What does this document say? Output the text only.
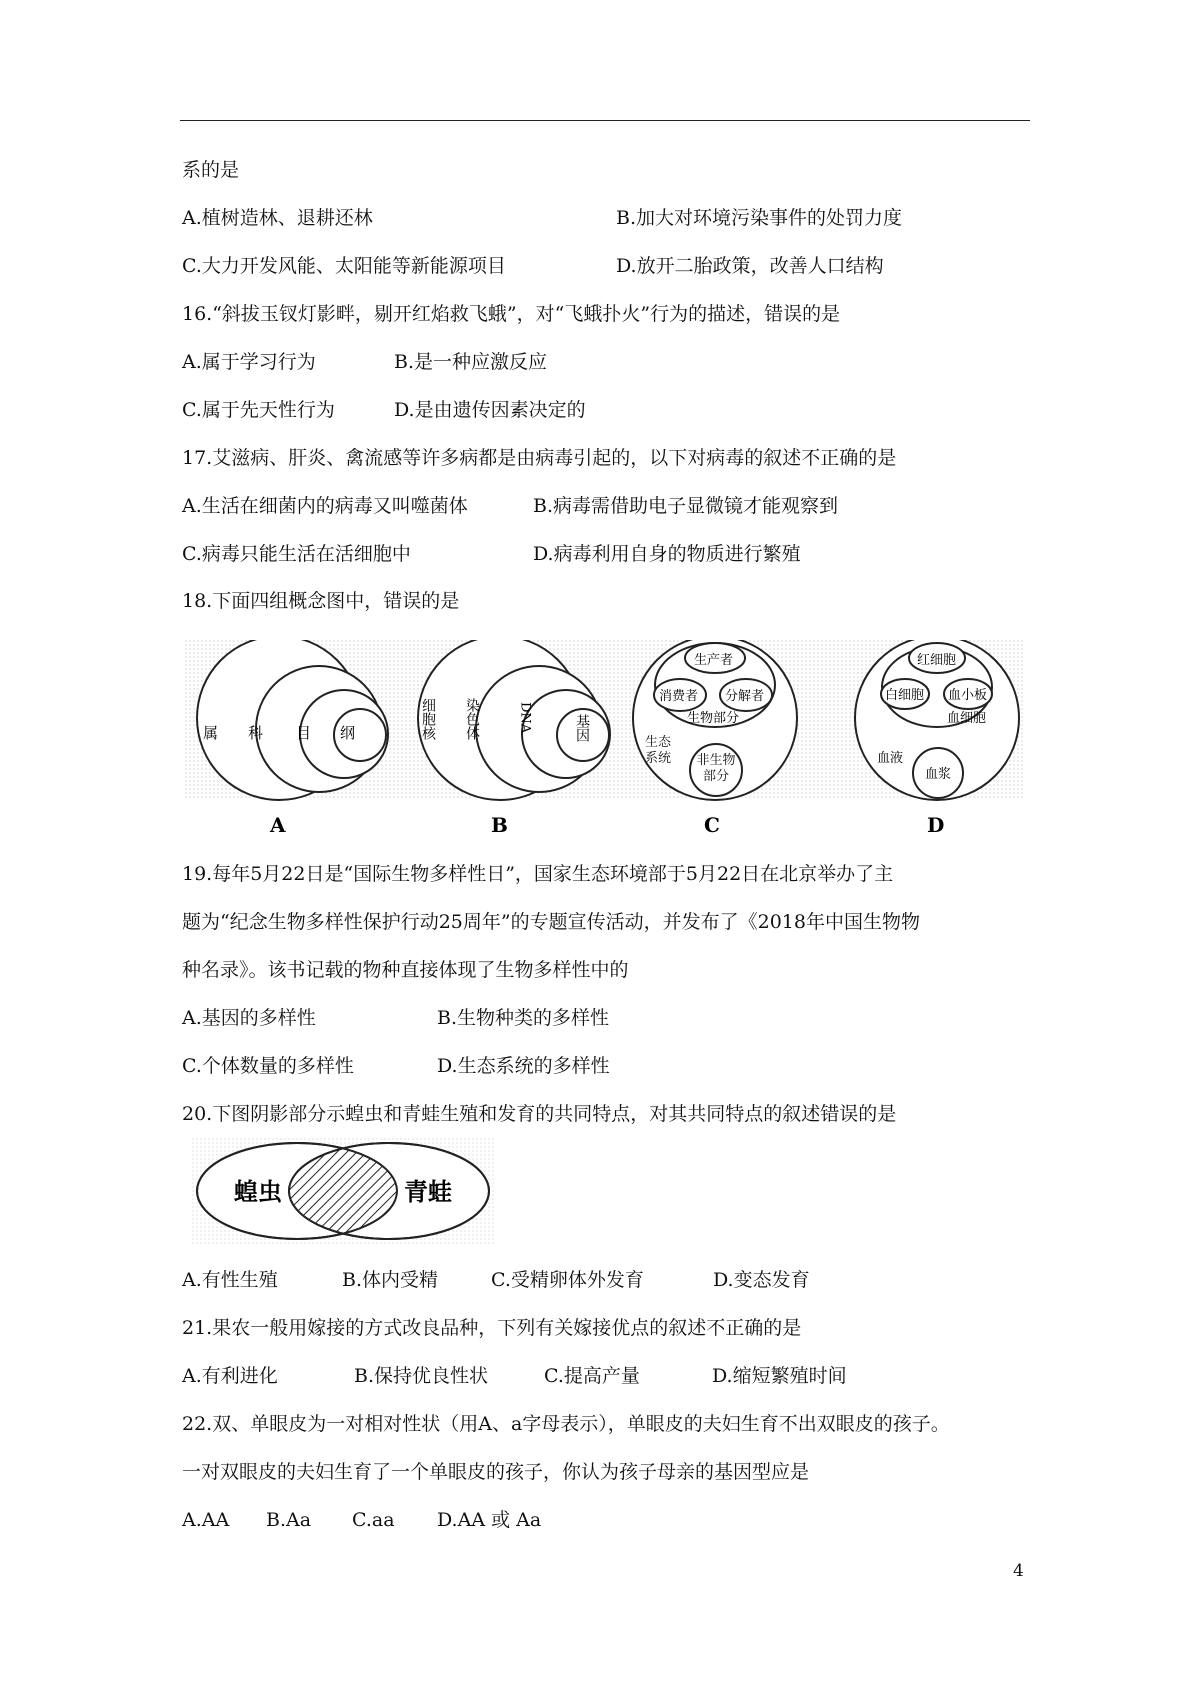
系的是
A.植树造林、退耕还林	B.加大对环境污染事件的处罚力度
C.大力开发风能、太阳能等新能源项目	D.放开二胎政策，改善人口结构
16.“斜拔玉钗灯影畔，剔开红焰救飞蛾”，对“飞蛾扑火”行为的描述，错误的是
A.属于学习行为	B.是一种应激反应
C.属于先天性行为	D.是由遗传因素决定的
17.艾滋病、肝炎、禽流感等许多病都是由病毒引起的，以下对病毒的叙述不正确的是
A.生活在细菌内的病毒又叫噬菌体	B.病毒需借助电子显微镜才能观察到
C.病毒只能生活在活细胞中	D.病毒利用自身的物质进行繁殖
18.下面四组概念图中，错误的是
属 科 目 纲
A
细胞核 染色体	DNA	基因
B
生产者
消费者 分解者
生物部分
生态系统	非生物部分
C
红细胞
白细胞 血小板
血细胞
血液
血浆
D
19.每年5月22日是“国际生物多样性日”，国家生态环境部于5月22日在北京举办了主
题为“纪念生物多样性保护行动25周年”的专题宣传活动，并发布了《2018年中国生物物
种名录》。该书记载的物种直接体现了生物多样性中的
A.基因的多样性	B.生物种类的多样性
C.个体数量的多样性	D.生态系统的多样性
20.下图阴影部分示蝗虫和青蛙生殖和发育的共同特点，对其共同特点的叙述错误的是
蝗虫	青蛙
A.有性生殖	B.体内受精	C.受精卵体外发育	D.变态发育
21.果农一般用嫁接的方式改良品种，下列有关嫁接优点的叙述不正确的是
A.有利进化	B.保持优良性状	C.提高产量	D.缩短繁殖时间
22.双、单眼皮为一对相对性状（用A、a字母表示），单眼皮的夫妇生育不出双眼皮的孩子。
一对双眼皮的夫妇生育了一个单眼皮的孩子，你认为孩子母亲的基因型应是
A.AA B.Aa C.aa D.AA 或 Aa
4
